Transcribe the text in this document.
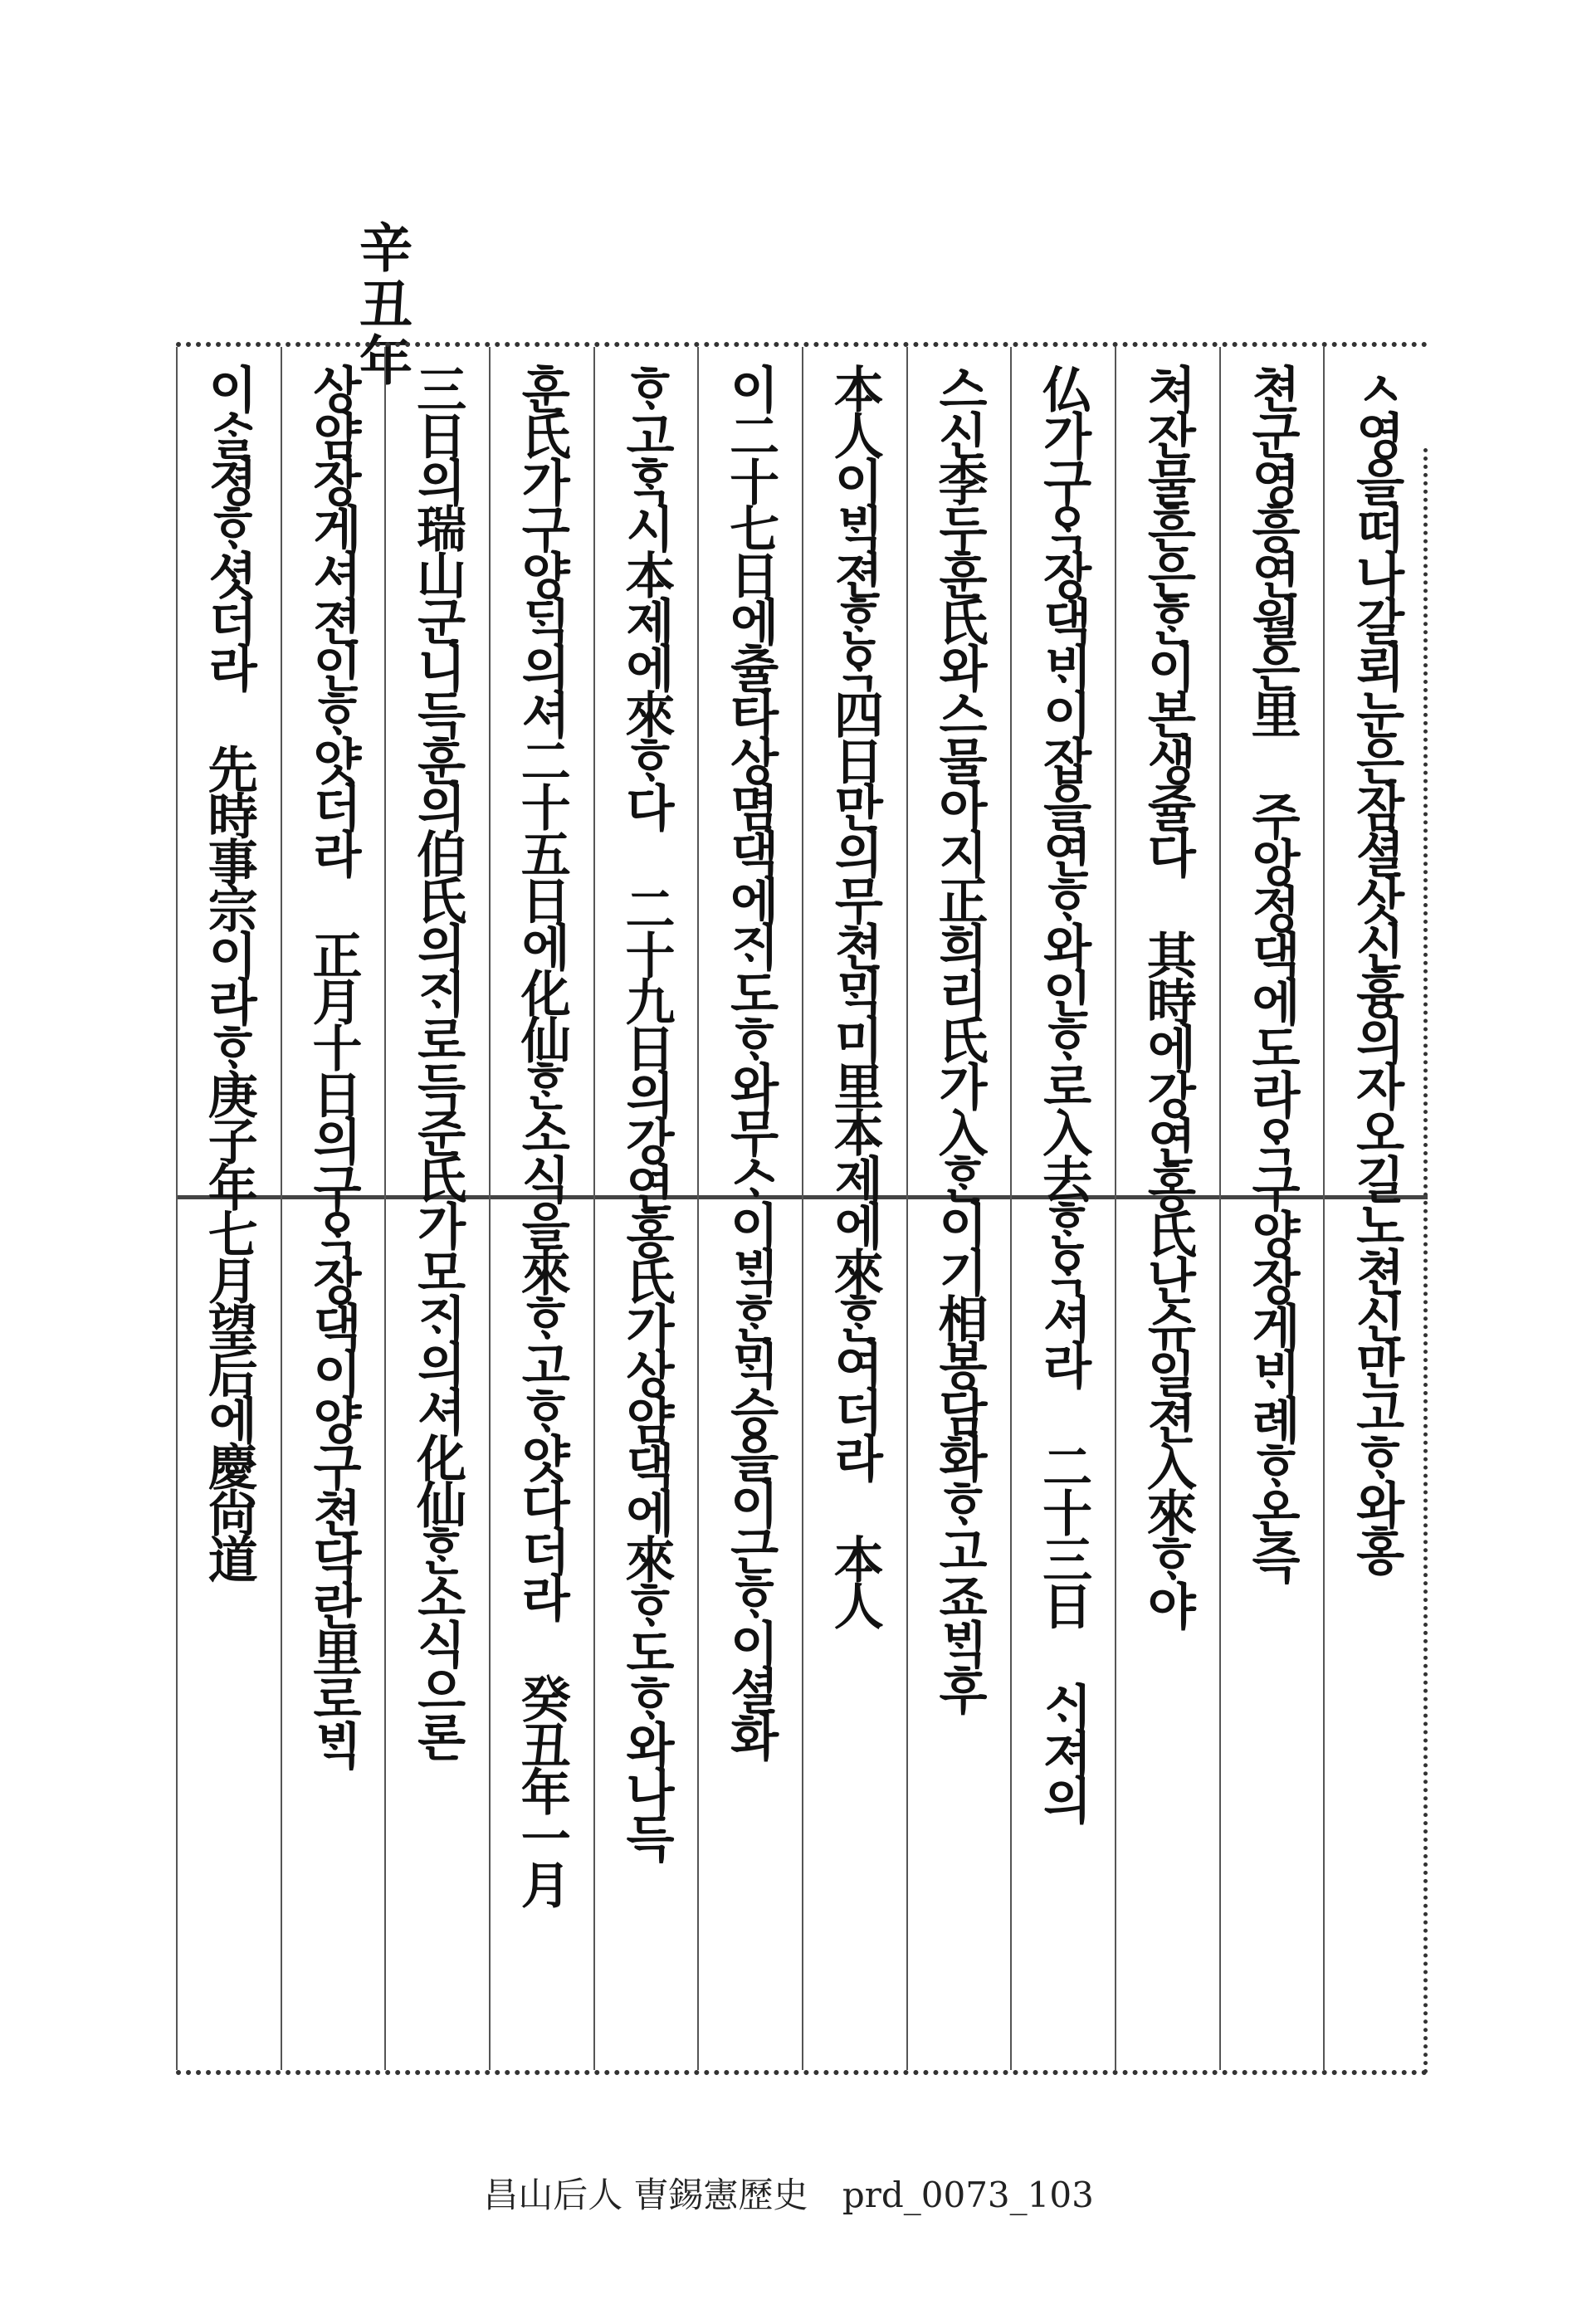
辛丑年
ㅅ영을떠나갈뢰눈은잠셜삿신흉의자오길노쳔신만고ᄒᆞ와홍
쳔군영흥연월은里 주앙정댁에도라ᄋᆞᆨ구양장게ᄇᆡ례ᄒᆞ온즉
쳐잔물흔은ᄒᆞᆫ이본생쥴다 其時에강연홍氏난슈일젼入來ᄒᆞ야
仏가구ᄋᆞᆨ장댁ᄇᆡ이잡을연ᄒᆞ와인ᄒᆞ로入去ᄒᆞᆫᄋᆞᆨ셔라 二十三日 ᄉᆡ져의
스신李두훈氏와스물아지正희리氏가入ᄒᆞᆫ이기相봉담화ᄒᆞ고죠ᄇᆡᆨ후
本人이ᄇᆡᆨ젼ᄒᆞᆫᄋᆞᆨ四日만의무쳔ᄆᆡᆨ미里本제에來ᄒᆞᆫ여더라 本人
이二十七日에츌타상몀댁에ᄌᆡ도ᄒᆞ와무ᄉᆞ이ᄇᆡᆨᄒᆞᆫᄆᆡᆨ승을이근ᄒᆞ이셜화
ᄒᆞ고ᄒᆞᆨ시本제에來ᄒᆞ다 二十九日의강연홍氏가상얌댁에來ᄒᆞ도ᄒᆞ와나득
훈氏가구양ᄃᆡᆨ의셔二十五日에化仙ᄒᆞᆫ소식을來ᄒᆞ고ᄒᆞ얏다더라 癸丑年一月
三日의瑞山군니득훈의伯氏의ᄌᆡ로득준氏가모ᄌᆡ의셔化仙ᄒᆞᆫ소식으론
상얌장게셔젼인ᄒᆞ얏더라 正月十日의구ᄋᆞᆨ장댁이양구쳔닥란里로ᄇᆡᆨ
이ᄉᆞᆯ졍ᄒᆞ셧더라 先時事宗이라ᄒᆞ庚子年七月望后에慶尙道
昌山后人 曺錫憲歷史 prd_0073_103
